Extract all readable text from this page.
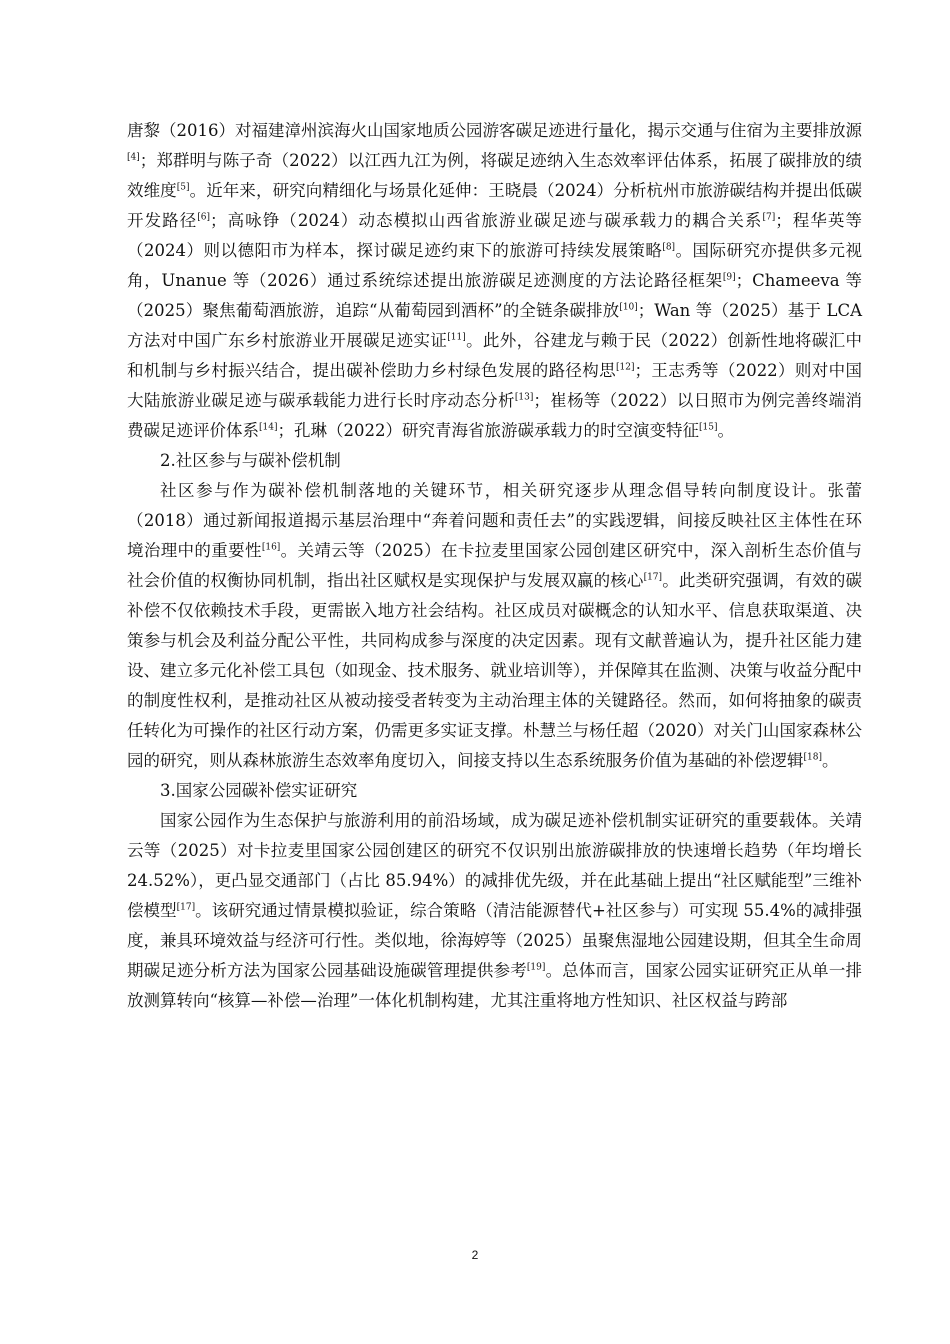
唐黎（2016）对福建漳州滨海火山国家地质公园游客碳足迹进行量化，揭示交通与住宿为主要排放源[4]；郑群明与陈子奇（2022）以江西九江为例，将碳足迹纳入生态效率评估体系，拓展了碳排放的绩效维度[5]。近年来，研究向精细化与场景化延伸：王晓晨（2024）分析杭州市旅游碳结构并提出低碳开发路径[6]；高咏铮（2024）动态模拟山西省旅游业碳足迹与碳承载力的耦合关系[7]；程华英等（2024）则以德阳市为样本，探讨碳足迹约束下的旅游可持续发展策略[8]。国际研究亦提供多元视角，Unanue 等（2026）通过系统综述提出旅游碳足迹测度的方法论路径框架[9]；Chameeva 等（2025）聚焦葡萄酒旅游，追踪“从葡萄园到酒杯”的全链条碳排放[10]；Wan 等（2025）基于 LCA 方法对中国广东乡村旅游业开展碳足迹实证[11]。此外，谷建龙与赖于民（2022）创新性地将碳汇中和机制与乡村振兴结合，提出碳补偿助力乡村绿色发展的路径构思[12]；王志秀等（2022）则对中国大陆旅游业碳足迹与碳承载能力进行长时序动态分析[13]；崔杨等（2022）以日照市为例完善终端消费碳足迹评价体系[14]；孔琳（2022）研究青海省旅游碳承载力的时空演变特征[15]。

2.社区参与与碳补偿机制

社区参与作为碳补偿机制落地的关键环节，相关研究逐步从理念倡导转向制度设计。张蕾（2018）通过新闻报道揭示基层治理中“奔着问题和责任去”的实践逻辑，间接反映社区主体性在环境治理中的重要性[16]。关靖云等（2025）在卡拉麦里国家公园创建区研究中，深入剖析生态价值与社会价值的权衡协同机制，指出社区赋权是实现保护与发展双赢的核心[17]。此类研究强调，有效的碳补偿不仅依赖技术手段，更需嵌入地方社会结构。社区成员对碳概念的认知水平、信息获取渠道、决策参与机会及利益分配公平性，共同构成参与深度的决定因素。现有文献普遍认为，提升社区能力建设、建立多元化补偿工具包（如现金、技术服务、就业培训等），并保障其在监测、决策与收益分配中的制度性权利，是推动社区从被动接受者转变为主动治理主体的关键路径。然而，如何将抽象的碳责任转化为可操作的社区行动方案，仍需更多实证支撑。朴慧兰与杨任超（2020）对关门山国家森林公园的研究，则从森林旅游生态效率角度切入，间接支持以生态系统服务价值为基础的补偿逻辑[18]。

3.国家公园碳补偿实证研究

国家公园作为生态保护与旅游利用的前沿场域，成为碳足迹补偿机制实证研究的重要载体。关靖云等（2025）对卡拉麦里国家公园创建区的研究不仅识别出旅游碳排放的快速增长趋势（年均增长 24.52%），更凸显交通部门（占比 85.94%）的减排优先级，并在此基础上提出“社区赋能型”三维补偿模型[17]。该研究通过情景模拟验证，综合策略（清洁能源替代+社区参与）可实现 55.4%的减排强度，兼具环境效益与经济可行性。类似地，徐海婷等（2025）虽聚焦湿地公园建设期，但其全生命周期碳足迹分析方法为国家公园基础设施碳管理提供参考[19]。总体而言，国家公园实证研究正从单一排放测算转向“核算—补偿—治理”一体化机制构建，尤其注重将地方性知识、社区权益与跨部

2
